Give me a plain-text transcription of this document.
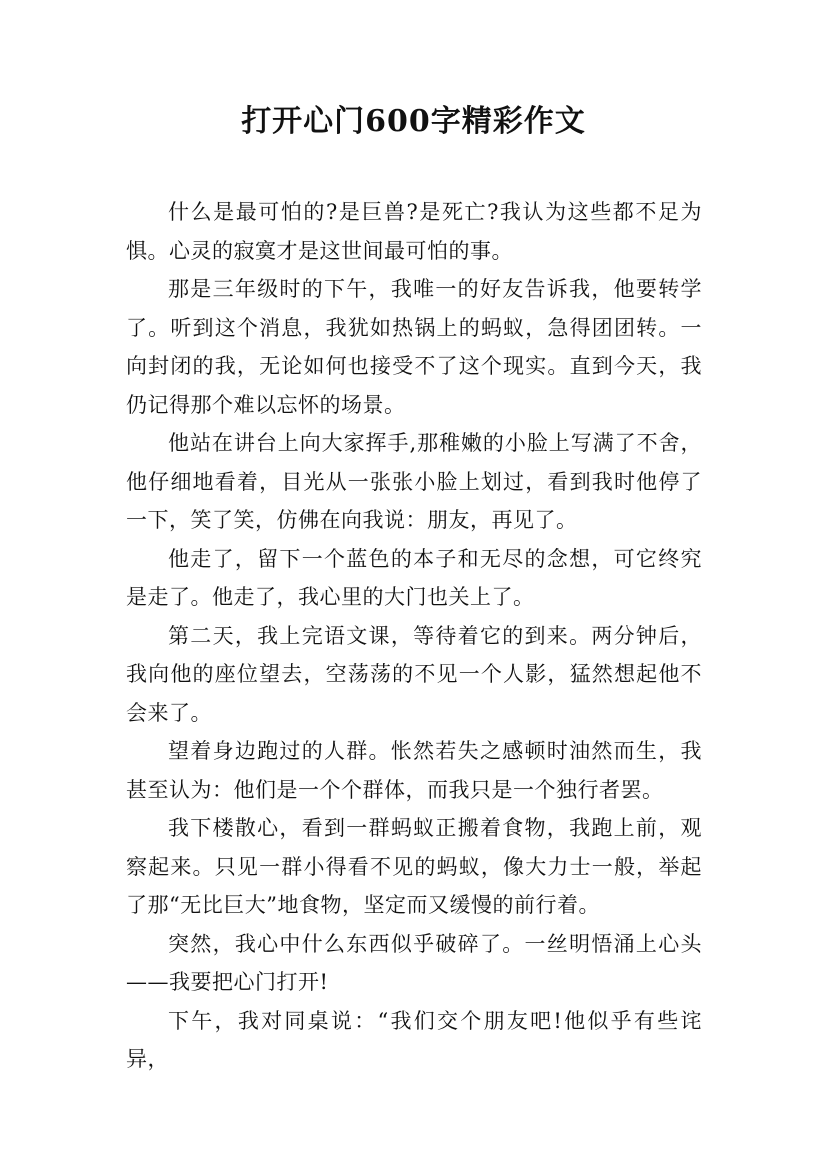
打开心门600字精彩作文

什么是最可怕的?是巨兽?是死亡?我认为这些都不足为惧。心灵的寂寞才是这世间最可怕的事。

那是三年级时的下午，我唯一的好友告诉我，他要转学了。听到这个消息，我犹如热锅上的蚂蚁，急得团团转。一向封闭的我，无论如何也接受不了这个现实。直到今天，我仍记得那个难以忘怀的场景。

他站在讲台上向大家挥手,那稚嫩的小脸上写满了不舍，他仔细地看着，目光从一张张小脸上划过，看到我时他停了一下，笑了笑，仿佛在向我说：朋友，再见了。

他走了，留下一个蓝色的本子和无尽的念想，可它终究是走了。他走了，我心里的大门也关上了。

第二天，我上完语文课，等待着它的到来。两分钟后，我向他的座位望去，空荡荡的不见一个人影，猛然想起他不会来了。

望着身边跑过的人群。怅然若失之感顿时油然而生，我甚至认为：他们是一个个群体，而我只是一个独行者罢。

我下楼散心，看到一群蚂蚁正搬着食物，我跑上前，观察起来。只见一群小得看不见的蚂蚁，像大力士一般，举起了那“无比巨大”地食物，坚定而又缓慢的前行着。

突然，我心中什么东西似乎破碎了。一丝明悟涌上心头——我要把心门打开!

下午，我对同桌说：“我们交个朋友吧!他似乎有些诧异，
